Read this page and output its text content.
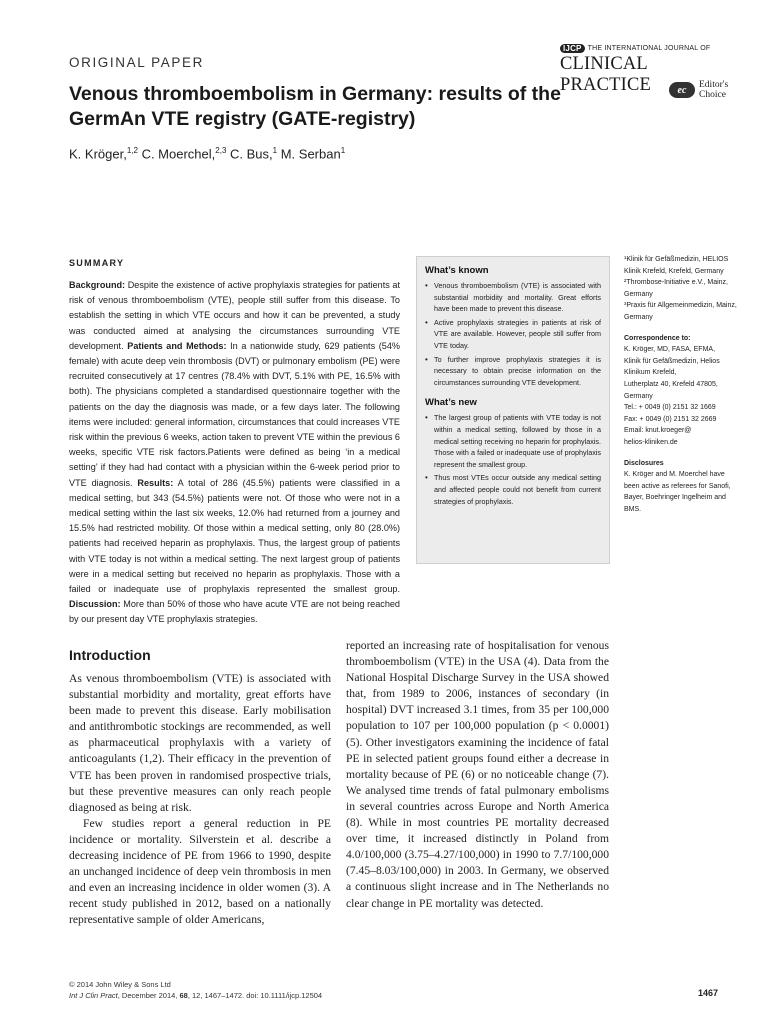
ORIGINAL PAPER
IJCP THE INTERNATIONAL JOURNAL OF
CLINICAL PRACTICE	ec	Editor's
Choice
Venous thromboembolism in Germany: results of the GermAn VTE registry (GATE-registry)
K. Kröger,$^{1,2}$ C. Moerchel,$^{2,3}$ C. Bus,$^1$ M. Serban$^1$
SUMMARY

Background: Despite the existence of active prophylaxis strategies for patients at risk of venous thromboembolism (VTE), people still suffer from this disease. To establish the setting in which VTE occurs and how it can be prevented, a study was conducted aimed at analysing the circumstances surrounding VTE development. Patients and Methods: In a nationwide study, 629 patients (54% female) with acute deep vein thrombosis (DVT) or pulmonary embolism (PE) were recruited consecutively at 17 centres (78.4% with DVT, 5.1% with PE, 16.5% with both). The physicians completed a standardised questionnaire together with the patients on the day the diagnosis was made, or a few days later. The following items were included: general information, circumstances that could increases VTE risk within the previous 6 weeks, action taken to prevent VTE within the previous 6 weeks, specific VTE risk factors.Patients were defined as being ‘in a medical setting’ if they had had contact with a physician within the 6-week period prior to VTE diagnosis. Results: A total of 286 (45.5%) patients were classified in a medical setting, but 343 (54.5%) patients were not. Of those who were not in a medical setting within the last six weeks, 12.0% had returned from a journey and 15.5% had restricted mobility. Of those within a medical setting, only 80 (28.0%) patients had received heparin as prophylaxis. Thus, the largest group of patients with VTE today is not within a medical setting. The next largest group of patients were in a medical setting but received no heparin as prophylaxis. Those with a failed or inadequate use of prophylaxis represented the smallest group. Discussion: More than 50% of those who have acute VTE are not being reached by our present day VTE prophylaxis strategies.

What’s known
• Venous thromboembolism (VTE) is associated with substantial morbidity and mortality. Great efforts have been made to prevent this disease.
• Active prophylaxis strategies in patients at risk of VTE are available. However, people still suffer from VTE today.
• To further improve prophylaxis strategies it is necessary to obtain precise information on the circumstances surrounding VTE development.
What’s new
• The largest group of patients with VTE today is not within a medical setting, followed by those in a medical setting receiving no heparin for prophylaxis. Those with a failed or inadequate use of prophylaxis represent the smallest group.
• Thus most VTEs occur outside any medical setting and affected people could not benefit from current strategies of prophylaxis.

¹Klinik für Gefäßmedizin, HELIOS Klinik Krefeld, Krefeld, Germany

²Thrombose-Initiative e.V., Mainz, Germany

³Praxis für Allgemeinmedizin, Mainz, Germany

Correspondence to:

K. Kröger, MD, FASA, EFMA,

Klinik für Gefäßmedizin, Helios

Klinikum Krefeld,

Lutherplatz 40, Krefeld 47805,

Germany

Tel.: + 0049 (0) 2151 32 1669

Fax: + 0049 (0) 2151 32 2669

Email: knut.kroeger@

helios-kliniken.de

Disclosures

K. Kröger and M. Moerchel have been active as referees for Sanofi, Bayer, Boehringer Ingelheim and BMS.

Introduction

As venous thromboembolism (VTE) is associated with substantial morbidity and mortality, great efforts have been made to prevent this disease. Early mobilisation and antithrombotic stockings are recommended, as well as pharmaceutical prophylaxis with a variety of anticoagulants (1,2). Their efficacy in the prevention of VTE has been proven in randomised prospective trials, but these preventive measures can only reach people diagnosed as being at risk.

Few studies report a general reduction in PE incidence or mortality. Silverstein et al. describe a decreasing incidence of PE from 1966 to 1990, despite an unchanged incidence of deep vein thrombosis in men and even an increasing incidence in older women (3). A recent study published in 2012, based on a nationally representative sample of older Americans,

reported an increasing rate of hospitalisation for venous thromboembolism (VTE) in the USA (4). Data from the National Hospital Discharge Survey in the USA showed that, from 1989 to 2006, instances of secondary (in hospital) DVT increased 3.1 times, from 35 per 100,000 population to 107 per 100,000 population (p < 0.0001) (5). Other investigators examining the incidence of fatal PE in selected patient groups found either a decrease in mortality because of PE (6) or no noticeable change (7). We analysed time trends of fatal pulmonary embolisms in several countries across Europe and North America (8). While in most countries PE mortality decreased over time, it increased distinctly in Poland from 4.0/100,000 (3.75–4.27/100,000) in 1990 to 7.7/100,000 (7.45–8.03/100,000) in 2003. In Germany, we observed a continuous slight increase and in The Netherlands no clear change in PE mortality was detected.

© 2014 John Wiley & Sons Ltd
Int J Clin Pract, December 2014, 68, 12, 1467–1472. doi: 10.1111/ijcp.12504	1467
